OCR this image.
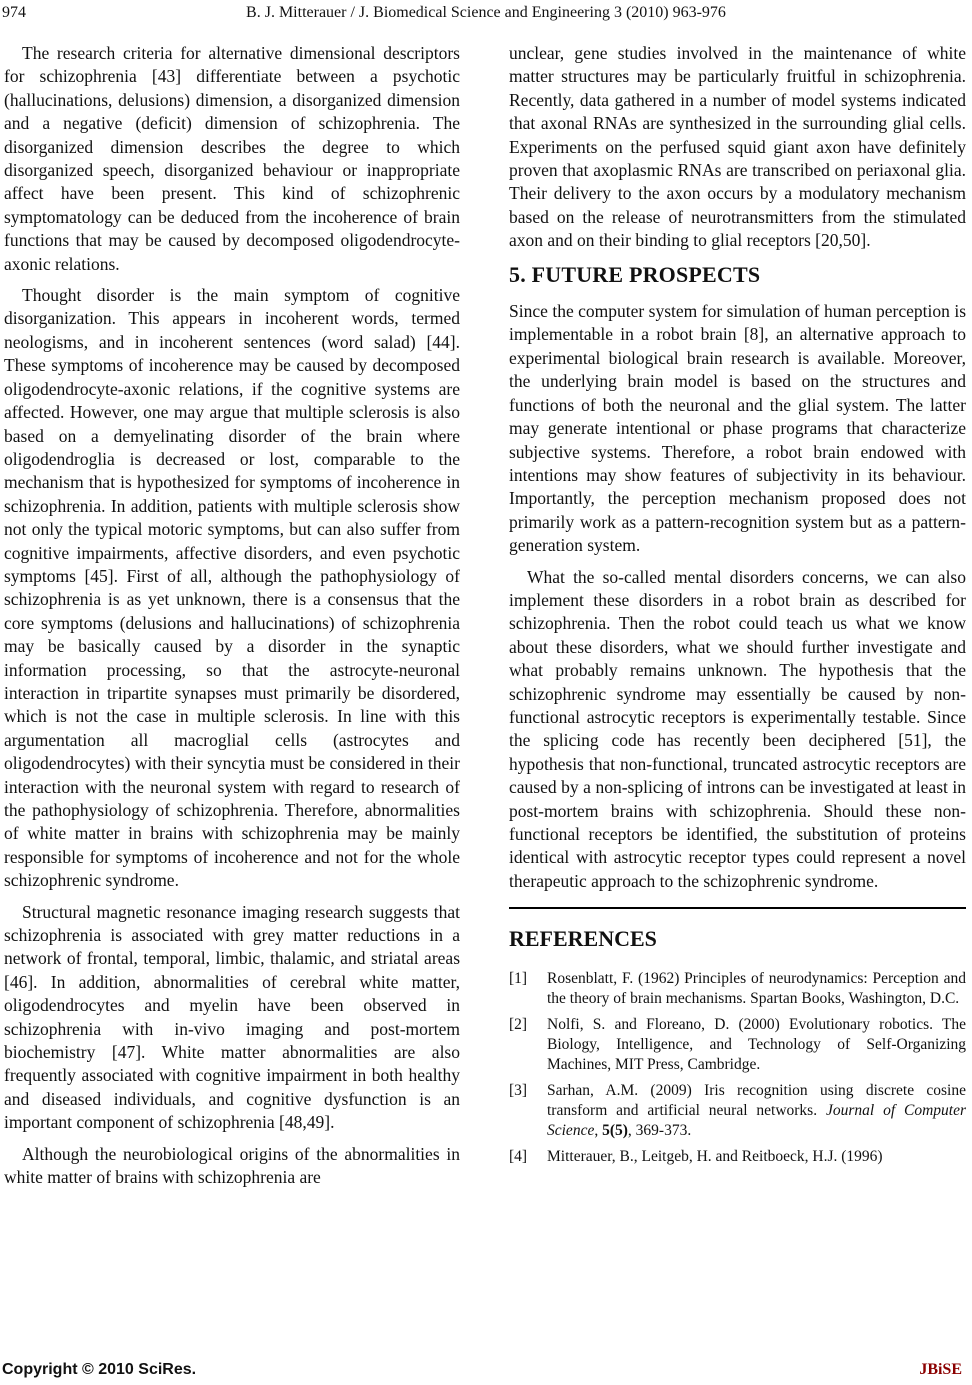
974	B. J. Mitterauer / J. Biomedical Science and Engineering 3 (2010) 963-976

The research criteria for alternative dimensional descriptors for schizophrenia [43] differentiate between a psychotic (hallucinations, delusions) dimension, a disorganized dimension and a negative (deficit) dimension of schizophrenia. The disorganized dimension describes the degree to which disorganized speech, disorganized behaviour or inappropriate affect have been present. This kind of schizophrenic symptomatology can be deduced from the incoherence of brain functions that may be caused by decomposed oligodendrocyte-axonic relations.

Thought disorder is the main symptom of cognitive disorganization. This appears in incoherent words, termed neologisms, and in incoherent sentences (word salad) [44]. These symptoms of incoherence may be caused by decomposed oligodendrocyte-axonic relations, if the cognitive systems are affected. However, one may argue that multiple sclerosis is also based on a demyelinating disorder of the brain where oligodendroglia is decreased or lost, comparable to the mechanism that is hypothesized for symptoms of incoherence in schizophrenia. In addition, patients with multiple sclerosis show not only the typical motoric symptoms, but can also suffer from cognitive impairments, affective disorders, and even psychotic symptoms [45]. First of all, although the pathophysiology of schizophrenia is as yet unknown, there is a consensus that the core symptoms (delusions and hallucinations) of schizophrenia may be basically caused by a disorder in the synaptic information processing, so that the astrocyte-neuronal interaction in tripartite synapses must primarily be disordered, which is not the case in multiple sclerosis. In line with this argumentation all macroglial cells (astrocytes and oligodendrocytes) with their syncytia must be considered in their interaction with the neuronal system with regard to research of the pathophysiology of schizophrenia. Therefore, abnormalities of white matter in brains with schizophrenia may be mainly responsible for symptoms of incoherence and not for the whole schizophrenic syndrome.

Structural magnetic resonance imaging research suggests that schizophrenia is associated with grey matter reductions in a network of frontal, temporal, limbic, thalamic, and striatal areas [46]. In addition, abnormalities of cerebral white matter, oligodendrocytes and myelin have been observed in schizophrenia with in-vivo imaging and post-mortem biochemistry [47]. White matter abnormalities are also frequently associated with cognitive impairment in both healthy and diseased individuals, and cognitive dysfunction is an important component of schizophrenia [48,49].

Although the neurobiological origins of the abnormalities in white matter of brains with schizophrenia are

unclear, gene studies involved in the maintenance of white matter structures may be particularly fruitful in schizophrenia. Recently, data gathered in a number of model systems indicated that axonal RNAs are synthesized in the surrounding glial cells. Experiments on the perfused squid giant axon have definitely proven that axoplasmic RNAs are transcribed on periaxonal glia. Their delivery to the axon occurs by a modulatory mechanism based on the release of neurotransmitters from the stimulated axon and on their binding to glial receptors [20,50].

5. FUTURE PROSPECTS

Since the computer system for simulation of human perception is implementable in a robot brain [8], an alternative approach to experimental biological brain research is available. Moreover, the underlying brain model is based on the structures and functions of both the neuronal and the glial system. The latter may generate intentional or phase programs that characterize subjective systems. Therefore, a robot brain endowed with intentions may show features of subjectivity in its behaviour. Importantly, the perception mechanism proposed does not primarily work as a pattern-recognition system but as a pattern-generation system.

What the so-called mental disorders concerns, we can also implement these disorders in a robot brain as described for schizophrenia. Then the robot could teach us what we know about these disorders, what we should further investigate and what probably remains unknown. The hypothesis that the schizophrenic syndrome may essentially be caused by non-functional astrocytic receptors is experimentally testable. Since the splicing code has recently been deciphered [51], the hypothesis that non-functional, truncated astrocytic receptors are caused by a non-splicing of introns can be investigated at least in post-mortem brains with schizophrenia. Should these non-functional receptors be identified, the substitution of proteins identical with astrocytic receptor types could represent a novel therapeutic approach to the schizophrenic syndrome.

REFERENCES
[1]	Rosenblatt, F. (1962) Principles of neurodynamics: Perception and the theory of brain mechanisms. Spartan Books, Washington, D.C.
[2]	Nolfi, S. and Floreano, D. (2000) Evolutionary robotics. The Biology, Intelligence, and Technology of Self-Organizing Machines, MIT Press, Cambridge.
[3]	Sarhan, A.M. (2009) Iris recognition using discrete cosine transform and artificial neural networks. Journal of Computer Science, 5(5), 369-373.
[4]	Mitterauer, B., Leitgeb, H. and Reitboeck, H.J. (1996)
Copyright © 2010 SciRes.	JBiSE
